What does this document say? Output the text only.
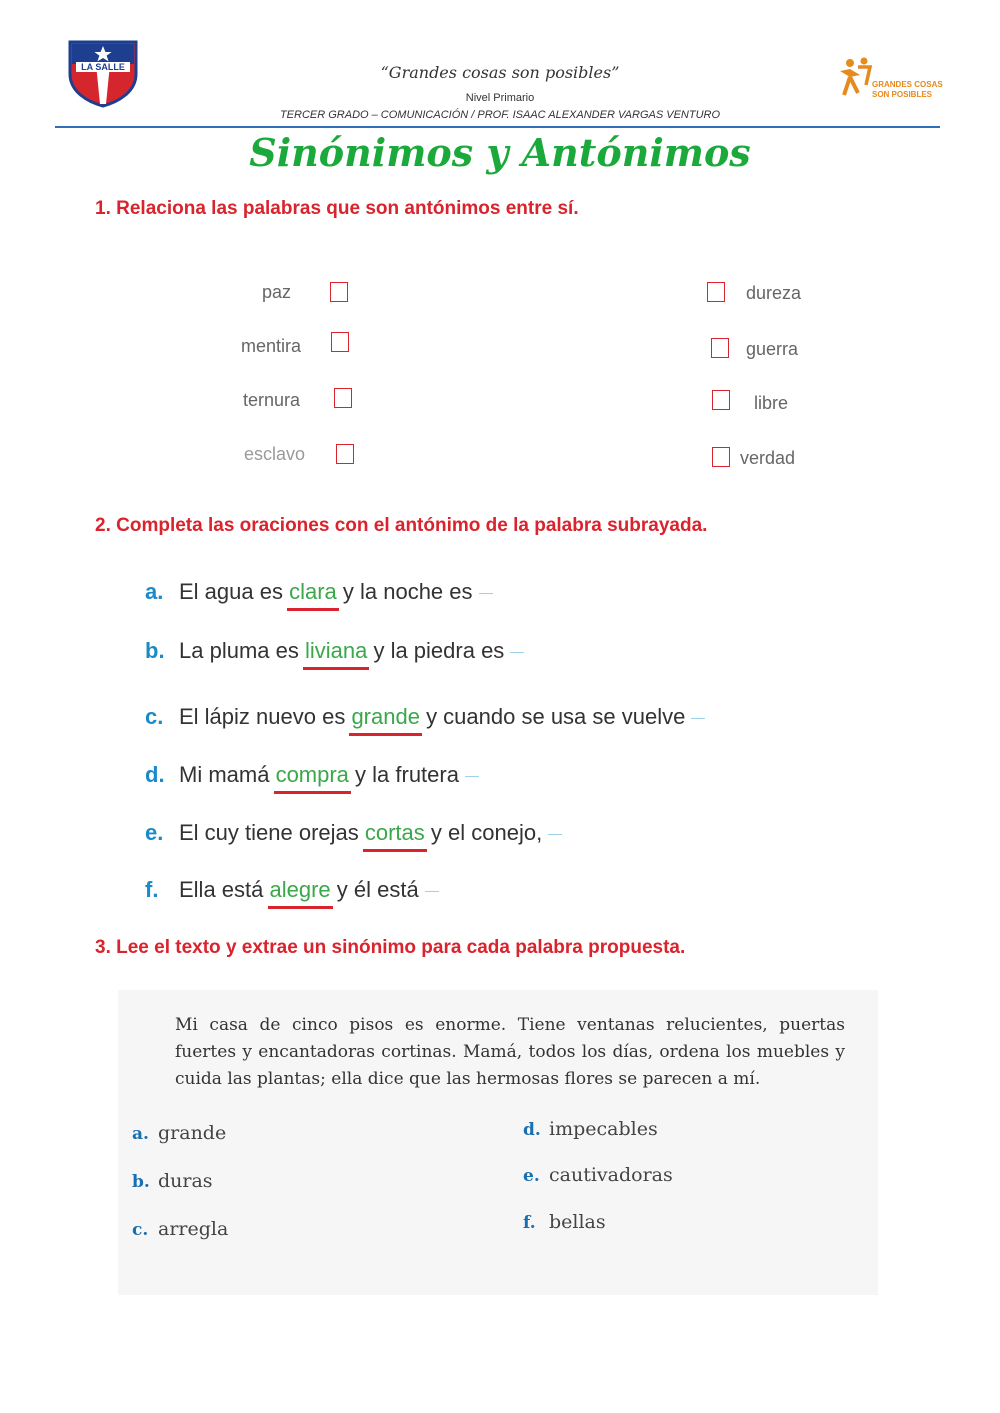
LA SALLE	“Grandes cosas son posibles”
Nivel Primario
TERCER GRADO – COMUNICACIÓN / PROF. ISAAC ALEXANDER VARGAS VENTURO
GRANDES COSAS
SON POSIBLES
Sinónimos y Antónimos
1. Relaciona las palabras que son antónimos entre sí.
paz
mentira
ternura
esclavo
dureza
guerra
libre
verdad
2. Completa las oraciones con el antónimo de la palabra subrayada.
a. El agua es clara y la noche es
b. La pluma es liviana y la piedra es
c. El lápiz nuevo es grande y cuando se usa se vuelve
d. Mi mamá compra y la frutera
e. El cuy tiene orejas cortas y el conejo,
f. Ella está alegre y él está
3. Lee el texto y extrae un sinónimo para cada palabra propuesta.
Mi casa de cinco pisos es enorme. Tiene ventanas relucientes, puertas fuertes y encantadoras cortinas. Mamá, todos los días, ordena los muebles y cuida las plantas; ella dice que las hermosas flores se parecen a mí.
a. grande
b. duras
c. arregla
d. impecables
e. cautivadoras
f. bellas
